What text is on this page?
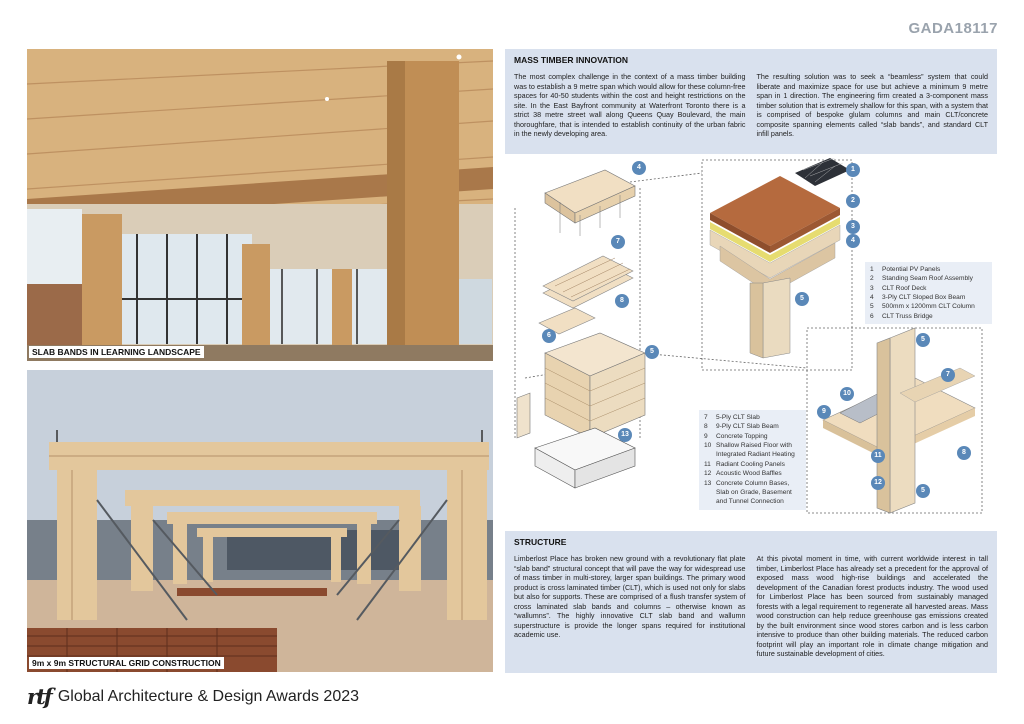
GADA18117
SLAB BANDS IN LEARNING LANDSCAPE
9m x 9m STRUCTURAL GRID CONSTRUCTION
MASS TIMBER INNOVATION

The most complex challenge in the context of a mass timber building was to establish a 9 metre span which would allow for these column-free spaces for 40-50 students within the cost and height restrictions on the site. In the East Bayfront community at Waterfront Toronto there is a strict 38 metre street wall along Queens Quay Boulevard, the main thoroughfare, that is intended to establish continuity of the urban fabric in the newly developing area.

The resulting solution was to seek a “beamless” system that could liberate and maximize space for use but achieve a minimum 9 metre span in 1 direction. The engineering firm created a 3-component mass timber solution that is extremely shallow for this span, with a system that is comprised of bespoke glulam columns and main CLT/concrete composite spanning elements called “slab bands”, and standard CLT infill panels.

4
7
8
6
5
13
1
2
3
4
5
5
7
10
9
8
11
12
5
1	Potential PV Panels
2	Standing Seam Roof Assembly
3	CLT Roof Deck
4	3-Ply CLT Sloped Box Beam
5	500mm x 1200mm CLT Column
6	CLT Truss Bridge
7	5-Ply CLT Slab
8	9-Ply CLT Slab Beam
9	Concrete Topping
10 Shallow Raised Floor with Integrated Radiant Heating
11 Radiant Cooling Panels
12 Acoustic Wood Baffles
13 Concrete Column Bases, Slab on Grade, Basement and Tunnel Connection
STRUCTURE

Limberlost Place has broken new ground with a revolutionary flat plate “slab band” structural concept that will pave the way for widespread use of mass timber in multi-storey, larger span buildings. The primary wood product is cross laminated timber (CLT), which is used not only for slabs but also for supports. These are comprised of a flush transfer system of cross laminated slab bands and columns – otherwise known as “wallumns”. The highly innovative CLT slab band and wallumn superstructure is provide the longer spans required for institutional academic use.

At this pivotal moment in time, with current worldwide interest in tall timber, Limberlost Place has already set a precedent for the approval of exposed mass wood high-rise buildings and accelerated the development of the Canadian forest products industry. The wood used for Limberlost Place has been sourced from sustainably managed forests with a legal requirement to regenerate all harvested areas. Mass wood construction can help reduce greenhouse gas emissions created by the built environment since wood stores carbon and is less carbon intensive to produce than other building materials. The reduced carbon footprint will play an important role in climate change mitigation and future sustainable development of cities.

rtf Global Architecture & Design Awards 2023
